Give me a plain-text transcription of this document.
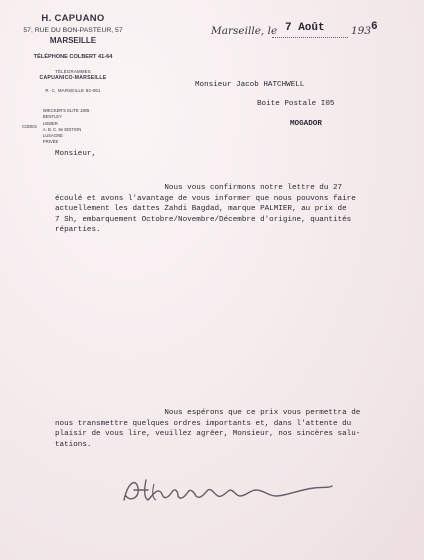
H. CAPUANO
57, RUE DU BON-PASTEUR, 57
MARSEILLE
TÉLÉPHONE COLBERT 41-64
TÉLÉGRAMMES
CAPUANICO-MARSEILLE
R. C. MARSEILLE 82-061
CODES
WIECKER'S ELITE 1905
BENTLEY
LIEBER
A. B. C. 6e EDITION
LUSAGNE
PRIVÉE
Marseille, le 7 Août	193 6
Monsieur Jacob HATCHWELL
Boite Postale I05
MOGADOR
Monsieur,
Nous vous confirmons notre lettre du 27
écoulé et avons l'avantage de vous informer que nous pouvons faire
actuellement les dattes Zahdi Bagdad, marque PALMIER, au prix de
7 Sh, embarquement Octobre/Novembre/Décembre d'origine, quantités
réparties.
Nous espérons que ce prix vous permettra de
nous transmettre quelques ordres importants et, dans l'attente du
plaisir de vous lire, veuillez agréer, Monsieur, nos sincères salu-
tations.
